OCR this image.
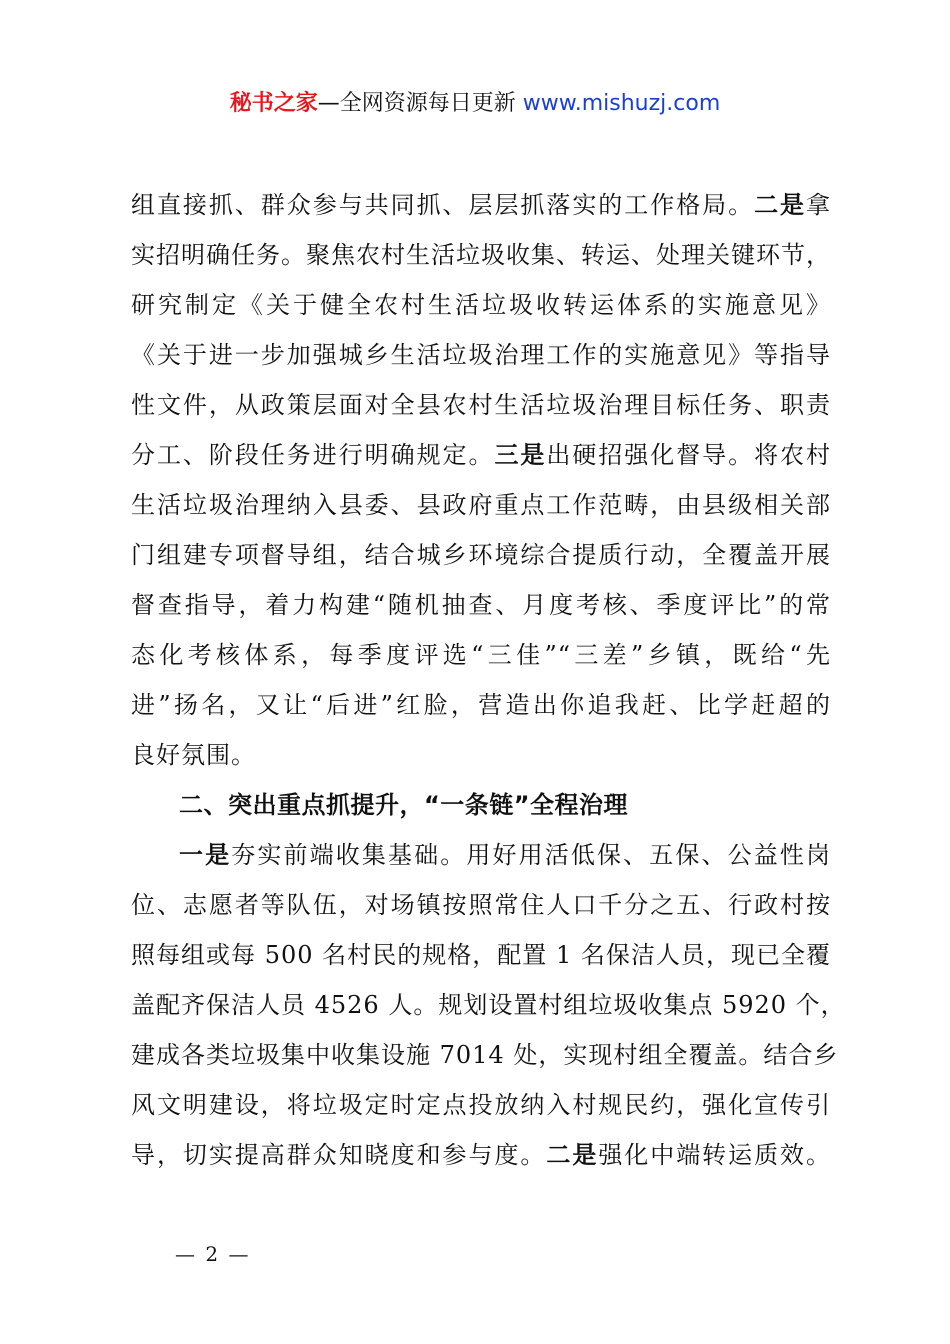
秘书之家—全网资源每日更新 www.mishuzj.com
组直接抓、群众参与共同抓、层层抓落实的工作格局。二是拿
实招明确任务。聚焦农村生活垃圾收集、转运、处理关键环节，
研究制定《关于健全农村生活垃圾收转运体系的实施意见》
《关于进一步加强城乡生活垃圾治理工作的实施意见》等指导
性文件，从政策层面对全县农村生活垃圾治理目标任务、职责
分工、阶段任务进行明确规定。三是出硬招强化督导。将农村
生活垃圾治理纳入县委、县政府重点工作范畴，由县级相关部
门组建专项督导组，结合城乡环境综合提质行动，全覆盖开展
督查指导，着力构建“随机抽查、月度考核、季度评比”的常
态化考核体系，每季度评选“三佳”“三差”乡镇，既给“先
进”扬名，又让“后进”红脸，营造出你追我赶、比学赶超的
良好氛围。
二、突出重点抓提升，“一条链”全程治理
一是夯实前端收集基础。用好用活低保、五保、公益性岗
位、志愿者等队伍，对场镇按照常住人口千分之五、行政村按
照每组或每 500 名村民的规格，配置 1 名保洁人员，现已全覆
盖配齐保洁人员 4526 人。规划设置村组垃圾收集点 5920 个，
建成各类垃圾集中收集设施 7014 处，实现村组全覆盖。结合乡
风文明建设，将垃圾定时定点投放纳入村规民约，强化宣传引
导，切实提高群众知晓度和参与度。二是强化中端转运质效。
— 2 —
